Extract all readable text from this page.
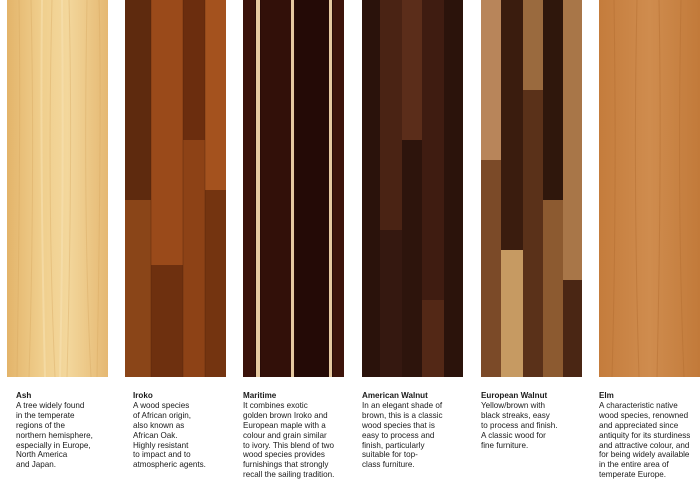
Ash
A tree widely found
in the temperate
regions of the
northern hemisphere,
especially in Europe,
North America
and Japan.
Iroko
A wood species
of African origin,
also known as
African Oak.
Highly resistant
to impact and to
atmospheric agents.
Maritime
It combines exotic
golden brown Iroko and
European maple with a
colour and grain similar
to ivory. This blend of two
wood species provides
furnishings that strongly
recall the sailing tradition.
American Walnut
In an elegant shade of
brown, this is a classic
wood species that is
easy to process and
finish, particularly
suitable for top-
class furniture.
European Walnut
Yellow/brown with
black streaks, easy
to process and finish.
A classic wood for
fine furniture.
Elm
A characteristic native
wood species, renowned
and appreciated since
antiquity for its sturdiness
and attractive colour, and
for being widely available
in the entire area of
temperate Europe.
